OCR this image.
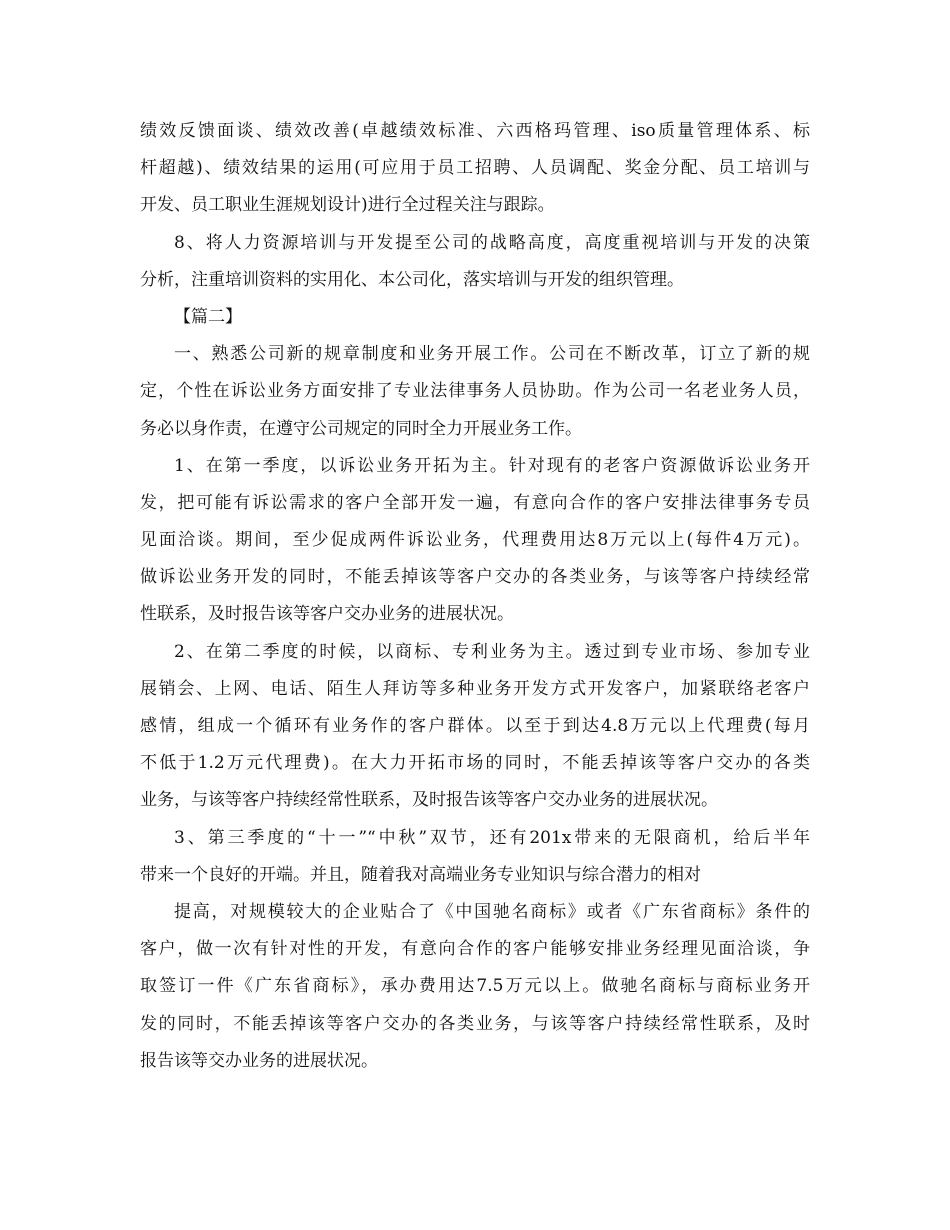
绩效反馈面谈、绩效改善(卓越绩效标准、六西格玛管理、iso质量管理体系、标
杆超越)、绩效结果的运用(可应用于员工招聘、人员调配、奖金分配、员工培训与
开发、员工职业生涯规划设计)进行全过程关注与跟踪。
8、将人力资源培训与开发提至公司的战略高度，高度重视培训与开发的决策
分析，注重培训资料的实用化、本公司化，落实培训与开发的组织管理。
【篇二】
一、熟悉公司新的规章制度和业务开展工作。公司在不断改革，订立了新的规
定，个性在诉讼业务方面安排了专业法律事务人员协助。作为公司一名老业务人员，
务必以身作责，在遵守公司规定的同时全力开展业务工作。
1、在第一季度，以诉讼业务开拓为主。针对现有的老客户资源做诉讼业务开
发，把可能有诉讼需求的客户全部开发一遍，有意向合作的客户安排法律事务专员
见面洽谈。期间，至少促成两件诉讼业务，代理费用达8万元以上(每件4万元)。
做诉讼业务开发的同时，不能丢掉该等客户交办的各类业务，与该等客户持续经常
性联系，及时报告该等客户交办业务的进展状况。
2、在第二季度的时候，以商标、专利业务为主。透过到专业市场、参加专业
展销会、上网、电话、陌生人拜访等多种业务开发方式开发客户，加紧联络老客户
感情，组成一个循环有业务作的客户群体。以至于到达4.8万元以上代理费(每月
不低于1.2万元代理费)。在大力开拓市场的同时，不能丢掉该等客户交办的各类
业务，与该等客户持续经常性联系，及时报告该等客户交办业务的进展状况。
3、第三季度的“十一”“中秋”双节，还有201x带来的无限商机，给后半年
带来一个良好的开端。并且，随着我对高端业务专业知识与综合潜力的相对
提高，对规模较大的企业贴合了《中国驰名商标》或者《广东省商标》条件的
客户，做一次有针对性的开发，有意向合作的客户能够安排业务经理见面洽谈，争
取签订一件《广东省商标》，承办费用达7.5万元以上。做驰名商标与商标业务开
发的同时，不能丢掉该等客户交办的各类业务，与该等客户持续经常性联系，及时
报告该等交办业务的进展状况。
